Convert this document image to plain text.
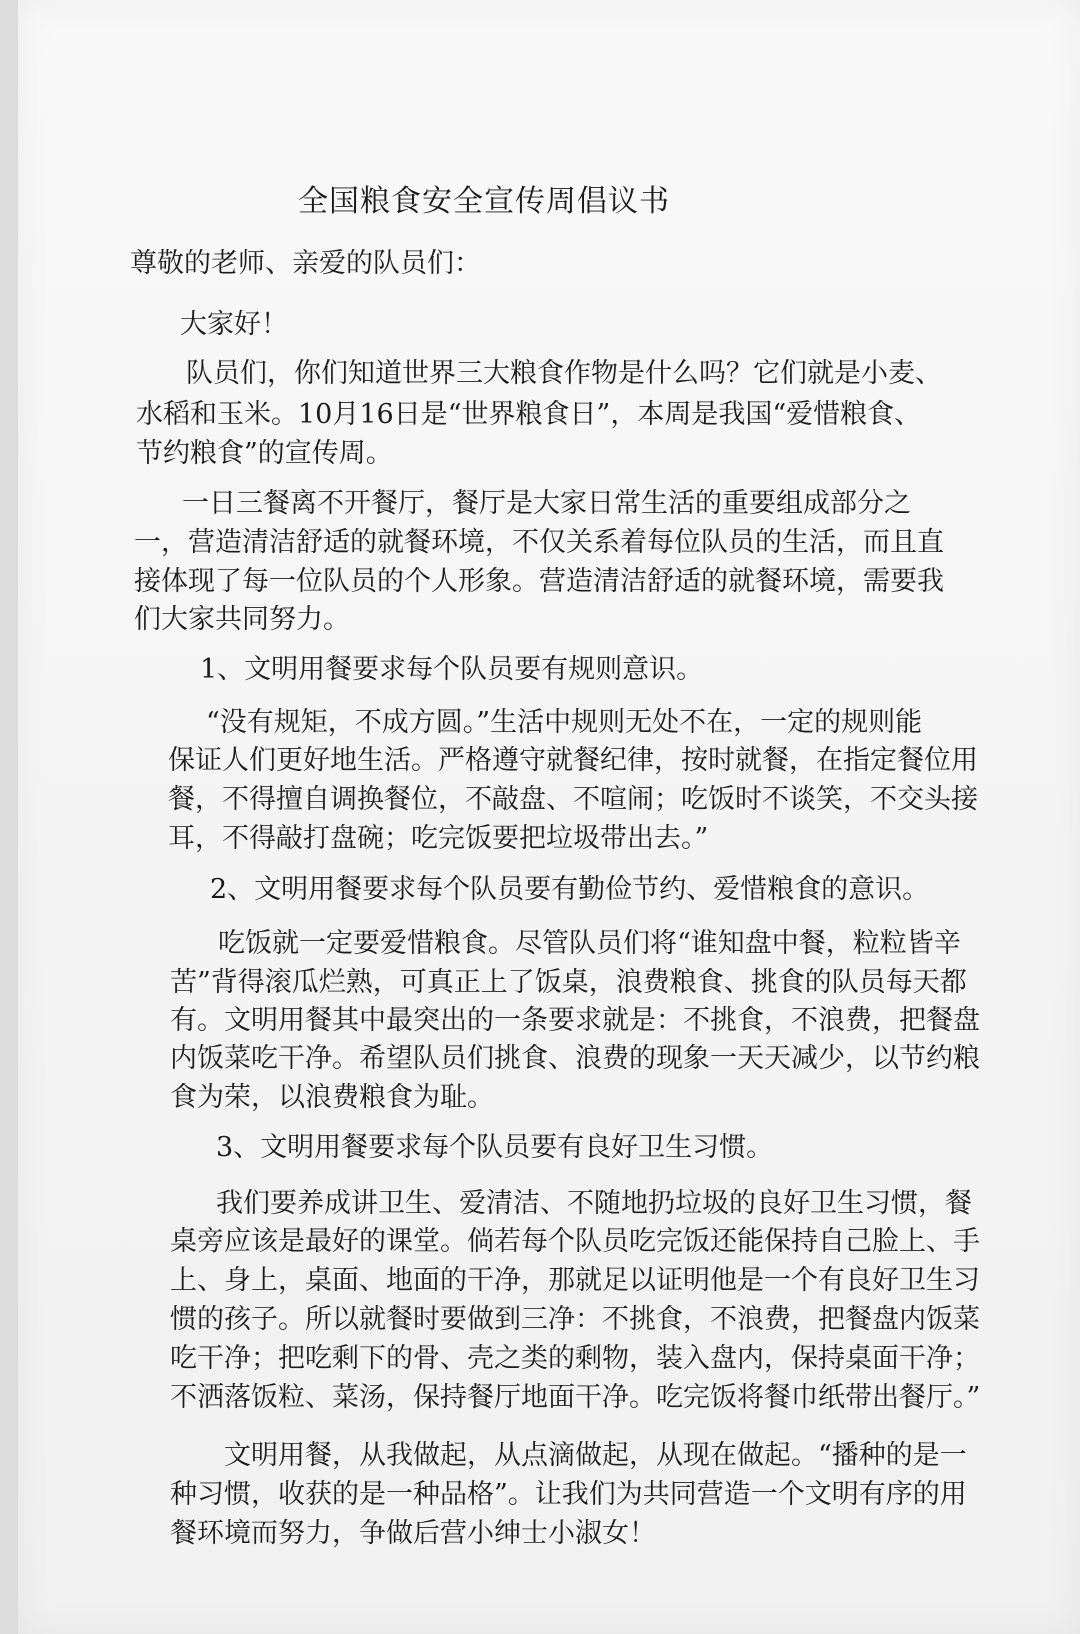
全国粮食安全宣传周倡议书
尊敬的老师、亲爱的队员们：
大家好！
队员们，你们知道世界三大粮食作物是什么吗？它们就是小麦、
水稻和玉米。10月16日是“世界粮食日”，本周是我国“爱惜粮食、
节约粮食”的宣传周。
一日三餐离不开餐厅，餐厅是大家日常生活的重要组成部分之
一，营造清洁舒适的就餐环境，不仅关系着每位队员的生活，而且直
接体现了每一位队员的个人形象。营造清洁舒适的就餐环境，需要我
们大家共同努力。
1、文明用餐要求每个队员要有规则意识。
“没有规矩，不成方圆。”生活中规则无处不在，一定的规则能
保证人们更好地生活。严格遵守就餐纪律，按时就餐，在指定餐位用
餐，不得擅自调换餐位，不敲盘、不喧闹；吃饭时不谈笑，不交头接
耳，不得敲打盘碗；吃完饭要把垃圾带出去。”
2、文明用餐要求每个队员要有勤俭节约、爱惜粮食的意识。
吃饭就一定要爱惜粮食。尽管队员们将“谁知盘中餐，粒粒皆辛
苦”背得滚瓜烂熟，可真正上了饭桌，浪费粮食、挑食的队员每天都
有。文明用餐其中最突出的一条要求就是：不挑食，不浪费，把餐盘
内饭菜吃干净。希望队员们挑食、浪费的现象一天天减少，以节约粮
食为荣，以浪费粮食为耻。
3、文明用餐要求每个队员要有良好卫生习惯。
我们要养成讲卫生、爱清洁、不随地扔垃圾的良好卫生习惯，餐
桌旁应该是最好的课堂。倘若每个队员吃完饭还能保持自己脸上、手
上、身上，桌面、地面的干净，那就足以证明他是一个有良好卫生习
惯的孩子。所以就餐时要做到三净：不挑食，不浪费，把餐盘内饭菜
吃干净；把吃剩下的骨、壳之类的剩物，装入盘内，保持桌面干净；
不洒落饭粒、菜汤，保持餐厅地面干净。吃完饭将餐巾纸带出餐厅。”
文明用餐，从我做起，从点滴做起，从现在做起。“播种的是一
种习惯，收获的是一种品格”。让我们为共同营造一个文明有序的用
餐环境而努力，争做后营小绅士小淑女！
